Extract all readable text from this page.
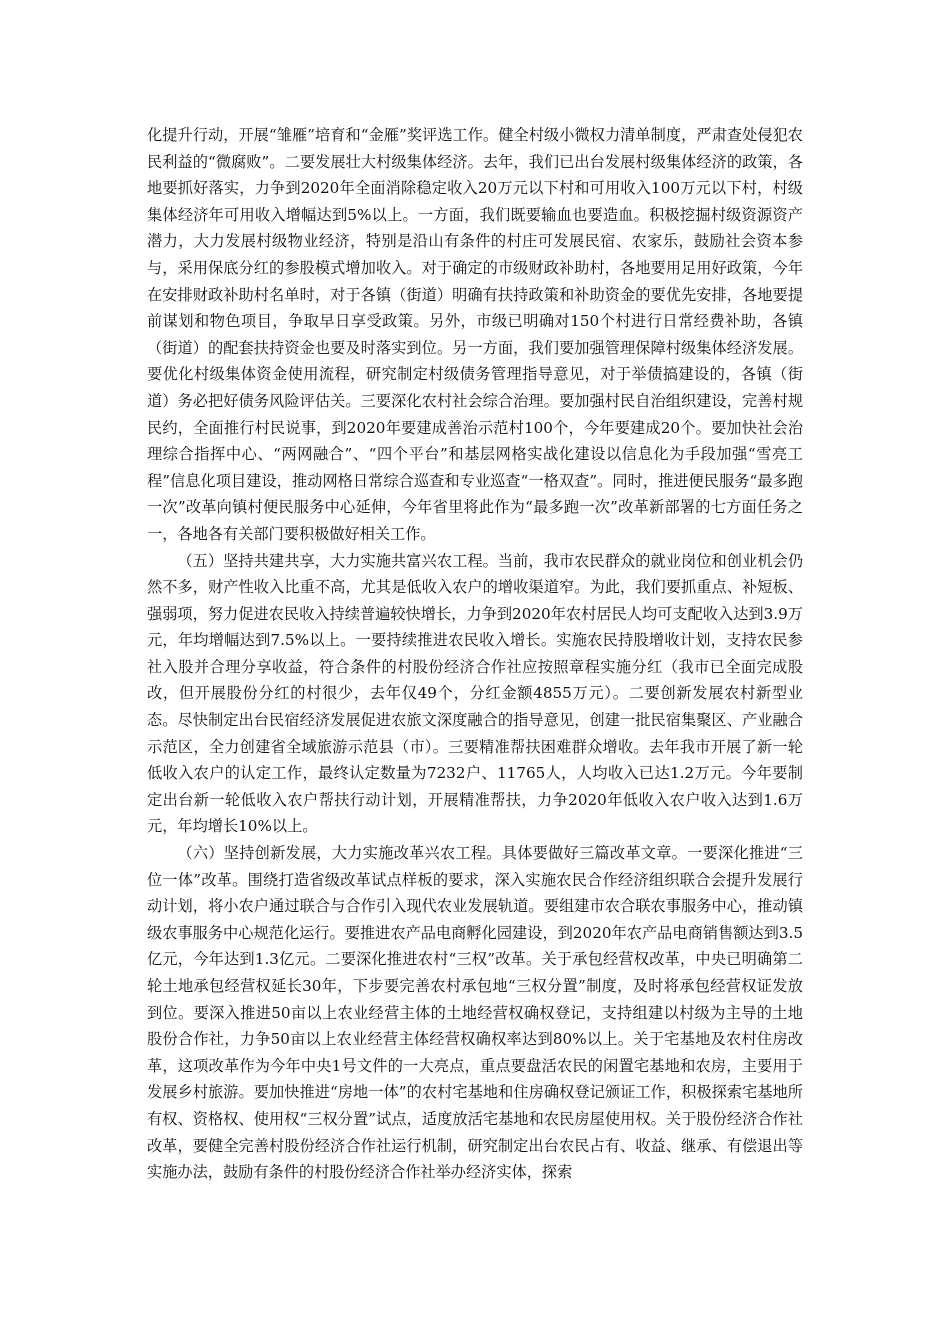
化提升行动，开展“雏雁”培育和“金雁”奖评选工作。健全村级小微权力清单制度，严肃查处侵犯农民利益的“微腐败”。二要发展壮大村级集体经济。去年，我们已出台发展村级集体经济的政策，各地要抓好落实，力争到2020年全面消除稳定收入20万元以下村和可用收入100万元以下村，村级集体经济年可用收入增幅达到5%以上。一方面，我们既要输血也要造血。积极挖掘村级资源资产潜力，大力发展村级物业经济，特别是沿山有条件的村庄可发展民宿、农家乐，鼓励社会资本参与，采用保底分红的参股模式增加收入。对于确定的市级财政补助村，各地要用足用好政策，今年在安排财政补助村名单时，对于各镇（街道）明确有扶持政策和补助资金的要优先安排，各地要提前谋划和物色项目，争取早日享受政策。另外，市级已明确对150个村进行日常经费补助，各镇（街道）的配套扶持资金也要及时落实到位。另一方面，我们要加强管理保障村级集体经济发展。要优化村级集体资金使用流程，研究制定村级债务管理指导意见，对于举债搞建设的，各镇（街道）务必把好债务风险评估关。三要深化农村社会综合治理。要加强村民自治组织建设，完善村规民约，全面推行村民说事，到2020年要建成善治示范村100个，今年要建成20个。要加快社会治理综合指挥中心、“两网融合”、“四个平台”和基层网格实战化建设以信息化为手段加强“雪亮工程”信息化项目建设，推动网格日常综合巡查和专业巡查“一格双查”。同时，推进便民服务“最多跑一次”改革向镇村便民服务中心延伸，今年省里将此作为“最多跑一次”改革新部署的七方面任务之一，各地各有关部门要积极做好相关工作。

（五）坚持共建共享，大力实施共富兴农工程。当前，我市农民群众的就业岗位和创业机会仍然不多，财产性收入比重不高，尤其是低收入农户的增收渠道窄。为此，我们要抓重点、补短板、强弱项，努力促进农民收入持续普遍较快增长，力争到2020年农村居民人均可支配收入达到3.9万元，年均增幅达到7.5%以上。一要持续推进农民收入增长。实施农民持股增收计划，支持农民参社入股并合理分享收益，符合条件的村股份经济合作社应按照章程实施分红（我市已全面完成股改，但开展股份分红的村很少，去年仅49个，分红金额4855万元）。二要创新发展农村新型业态。尽快制定出台民宿经济发展促进农旅文深度融合的指导意见，创建一批民宿集聚区、产业融合示范区，全力创建省全域旅游示范县（市）。三要精准帮扶困难群众增收。去年我市开展了新一轮低收入农户的认定工作，最终认定数量为7232户、11765人，人均收入已达1.2万元。今年要制定出台新一轮低收入农户帮扶行动计划，开展精准帮扶，力争2020年低收入农户收入达到1.6万元，年均增长10%以上。

（六）坚持创新发展，大力实施改革兴农工程。具体要做好三篇改革文章。一要深化推进“三位一体”改革。围绕打造省级改革试点样板的要求，深入实施农民合作经济组织联合会提升发展行动计划，将小农户通过联合与合作引入现代农业发展轨道。要组建市农合联农事服务中心，推动镇级农事服务中心规范化运行。要推进农产品电商孵化园建设，到2020年农产品电商销售额达到3.5亿元，今年达到1.3亿元。二要深化推进农村“三权”改革。关于承包经营权改革，中央已明确第二轮土地承包经营权延长30年，下步要完善农村承包地“三权分置”制度，及时将承包经营权证发放到位。要深入推进50亩以上农业经营主体的土地经营权确权登记，支持组建以村级为主导的土地股份合作社，力争50亩以上农业经营主体经营权确权率达到80%以上。关于宅基地及农村住房改革，这项改革作为今年中央1号文件的一大亮点，重点要盘活农民的闲置宅基地和农房，主要用于发展乡村旅游。要加快推进“房地一体”的农村宅基地和住房确权登记颁证工作，积极探索宅基地所有权、资格权、使用权“三权分置”试点，适度放活宅基地和农民房屋使用权。关于股份经济合作社改革，要健全完善村股份经济合作社运行机制，研究制定出台农民占有、收益、继承、有偿退出等实施办法，鼓励有条件的村股份经济合作社举办经济实体，探索
